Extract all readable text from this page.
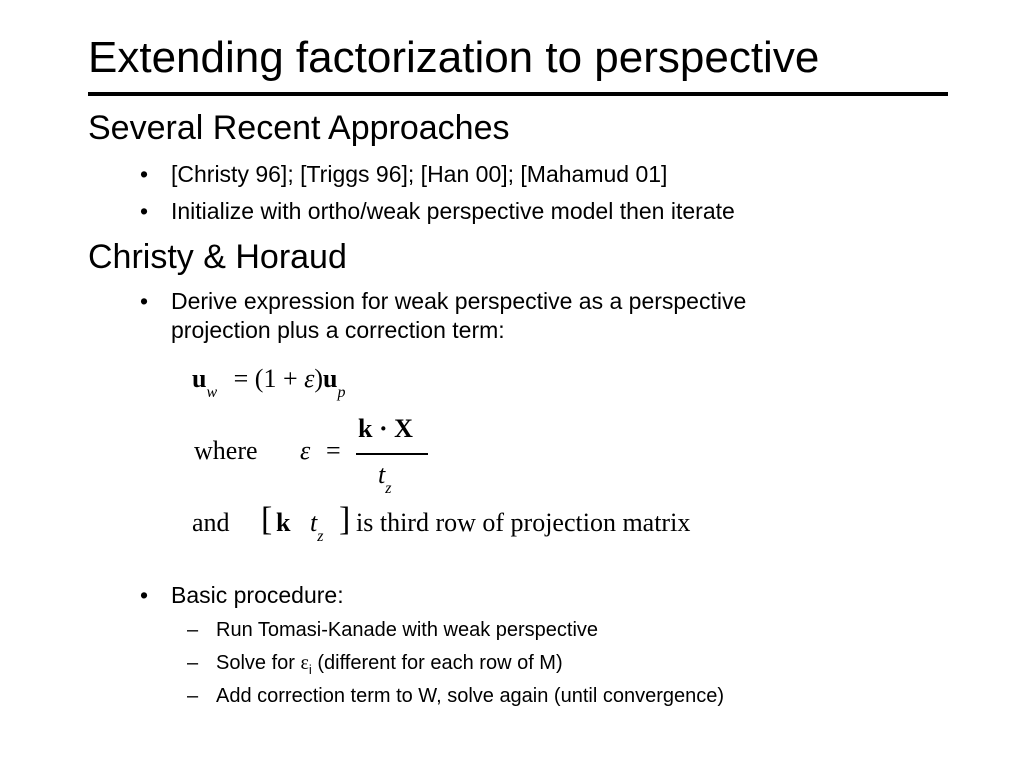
Extending factorization to perspective
Several Recent Approaches
• [Christy 96]; [Triggs 96]; [Han 00]; [Mahamud 01]
• Initialize with ortho/weak perspective model then iterate
Christy & Horaud
• Derive expression for weak perspective as a perspective
projection plus a correction term:
$u_w = (1 + \varepsilon)u_p$
where ε =
k · X
$t_z$
and [ k $t_z$ ] is third row of projection matrix
• Basic procedure:
– Run Tomasi-Kanade with weak perspective
– Solve for $\varepsilon_i$ (different for each row of M)
– Add correction term to W, solve again (until convergence)
